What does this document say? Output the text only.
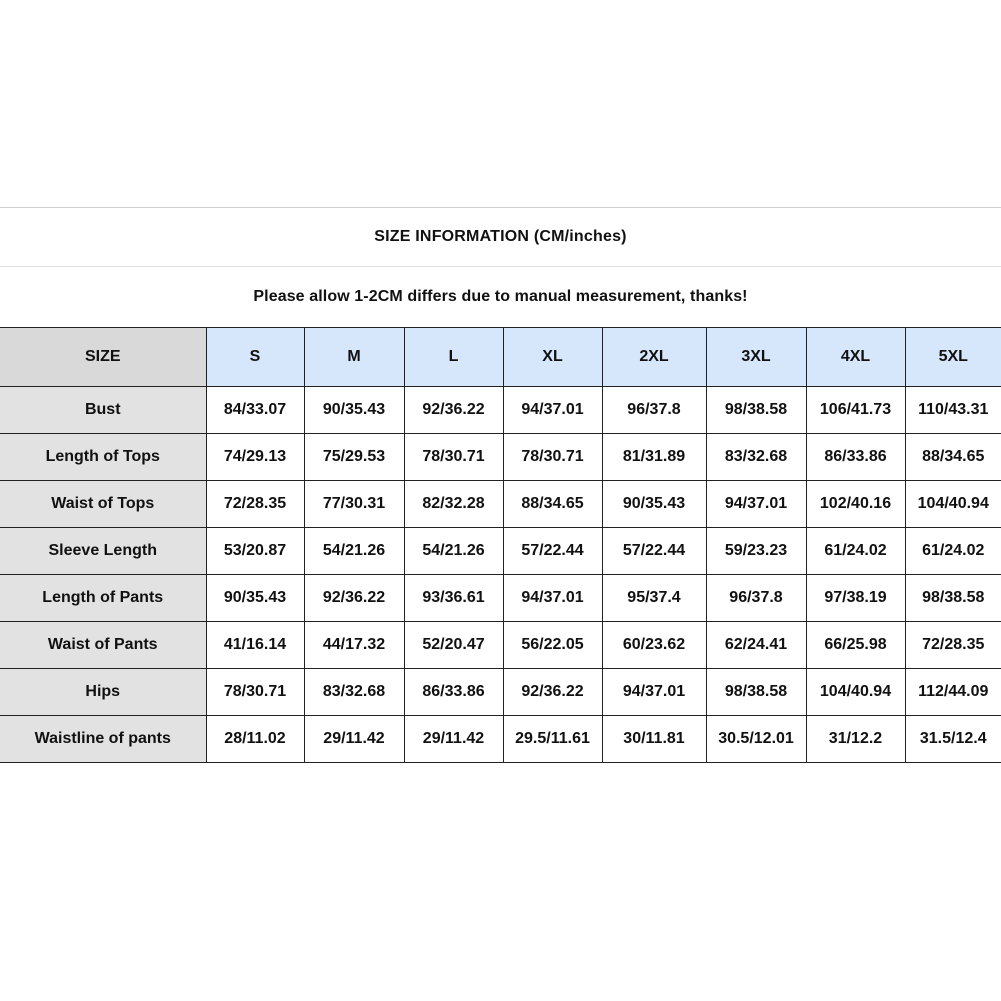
SIZE INFORMATION (CM/inches)
Please allow 1-2CM differs due to manual measurement, thanks!
SIZE	S	M	L	XL	2XL	3XL	4XL	5XL
Bust	84/33.07	90/35.43	92/36.22	94/37.01	96/37.8	98/38.58	106/41.73	110/43.31
Length of Tops	74/29.13	75/29.53	78/30.71	78/30.71	81/31.89	83/32.68	86/33.86	88/34.65
Waist of Tops	72/28.35	77/30.31	82/32.28	88/34.65	90/35.43	94/37.01	102/40.16	104/40.94
Sleeve Length	53/20.87	54/21.26	54/21.26	57/22.44	57/22.44	59/23.23	61/24.02	61/24.02
Length of Pants	90/35.43	92/36.22	93/36.61	94/37.01	95/37.4	96/37.8	97/38.19	98/38.58
Waist of Pants	41/16.14	44/17.32	52/20.47	56/22.05	60/23.62	62/24.41	66/25.98	72/28.35
Hips	78/30.71	83/32.68	86/33.86	92/36.22	94/37.01	98/38.58	104/40.94	112/44.09
Waistline of pants	28/11.02	29/11.42	29/11.42	29.5/11.61	30/11.81	30.5/12.01	31/12.2	31.5/12.4
